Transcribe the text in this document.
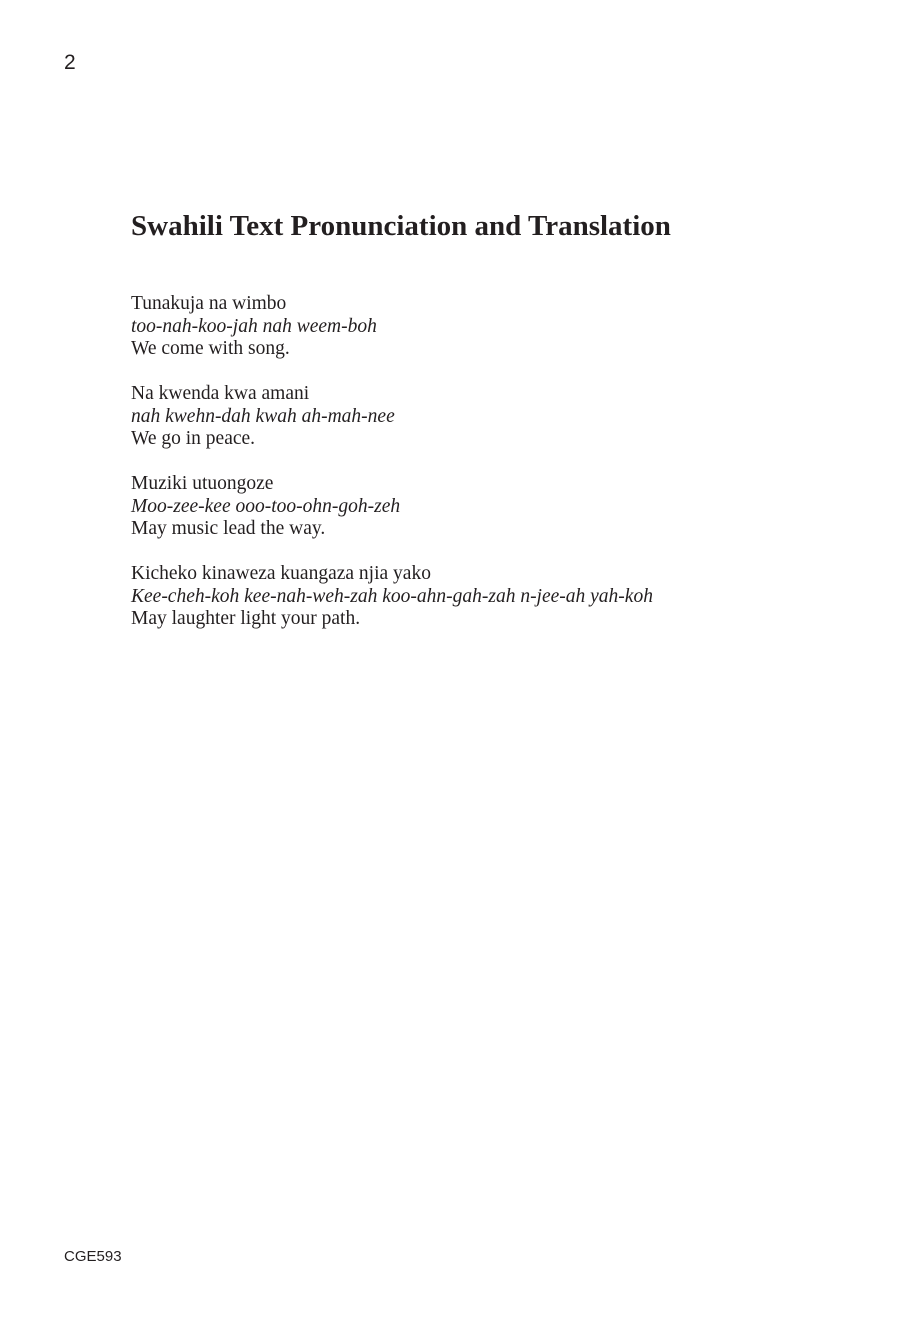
2
Swahili Text Pronunciation and Translation
Tunakuja na wimbo
too-nah-koo-jah nah weem-boh
We come with song.
Na kwenda kwa amani
nah kwehn-dah kwah ah-mah-nee
We go in peace.
Muziki utuongoze
Moo-zee-kee ooo-too-ohn-goh-zeh
May music lead the way.
Kicheko kinaweza kuangaza njia yako
Kee-cheh-koh kee-nah-weh-zah koo-ahn-gah-zah n-jee-ah yah-koh
May laughter light your path.
CGE593
